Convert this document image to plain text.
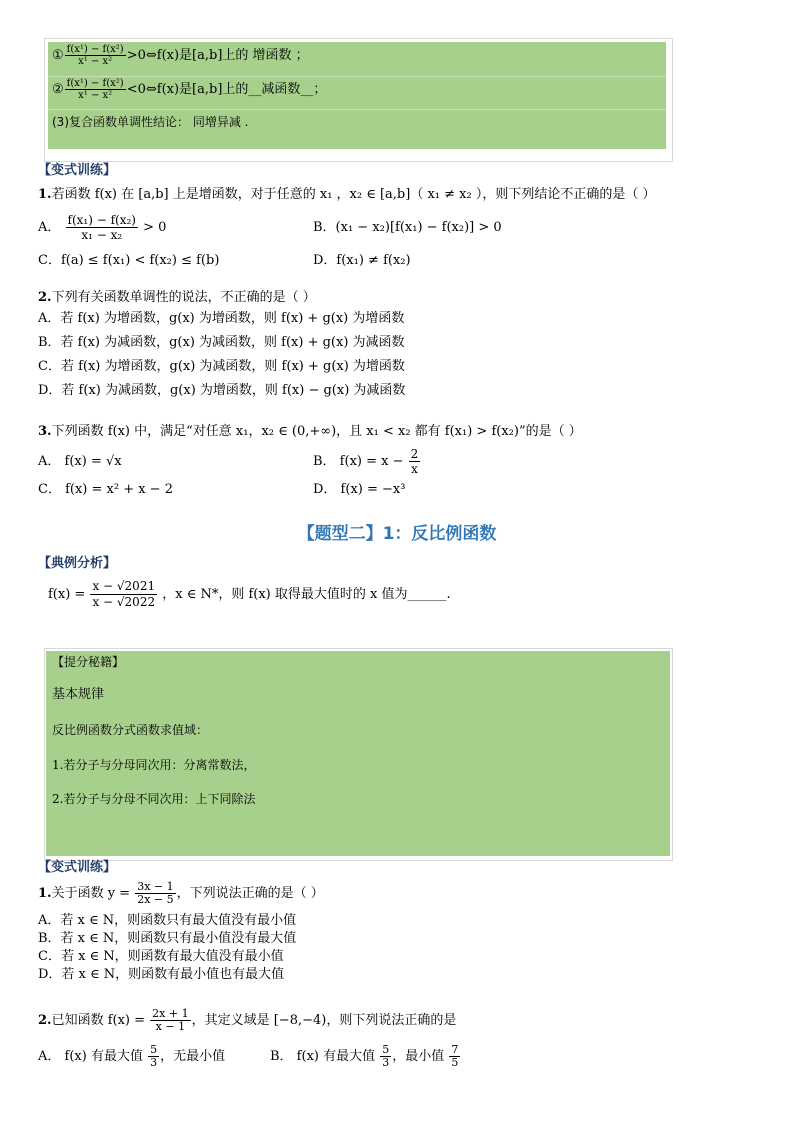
① $\frac{\text{f(x¹) − f(x²)}}{\text{x¹ − x²}}$ >0⇔f(x)是[a,b]上的 增函数 ；
② $\frac{\text{f(x¹) − f(x²)}}{\text{x¹ − x²}}$ <0⇔f(x)是[a,b]上的__减函数__；
(3)复合函数单调性结论： 同增异减 .
【变式训练】
1.若函数 f(x) 在 [a,b] 上是增函数，对于任意的 x₁ ，x₂ ∈ [a,b]（ x₁ ≠ x₂ ），则下列结论不正确的是（ ）
A． $\frac{\text{f(x₁) − f(x₂)}}{\text{x₁ − x₂}} > 0$	B．(x₁ − x₂)[f(x₁) − f(x₂)] > 0
C．f(a) ≤ f(x₁) < f(x₂) ≤ f(b)	D．f(x₁) ≠ f(x₂)
2.下列有关函数单调性的说法，不正确的是（ ）
A．若 f(x) 为增函数，g(x) 为增函数，则 f(x) + g(x) 为增函数
B．若 f(x) 为减函数，g(x) 为减函数，则 f(x) + g(x) 为减函数
C．若 f(x) 为增函数，g(x) 为减函数，则 f(x) + g(x) 为增函数
D．若 f(x) 为减函数，g(x) 为增函数，则 f(x) − g(x) 为减函数
3.下列函数 f(x) 中，满足“对任意 x₁，x₂ ∈ (0,+∞)，且 x₁ < x₂ 都有 f(x₁) > f(x₂)”的是（ ）
A． f(x) = √x	B． $f(x) = x - \frac{2}{x}$
C． f(x) = x² + x − 2	D． f(x) = −x³
【题型二】1：反比例函数
【典例分析】
$f(x) = \frac{x - √2021}{x - √2022}$ ，x ∈ N*，则 f(x) 取得最大值时的 x 值为______.
【提分秘籍】
基本规律
反比例函数分式函数求值域：
1.若分子与分母同次用：分离常数法，
2.若分子与分母不同次用：上下同除法
【变式训练】
1.关于函数 $y = \frac{3x - 1}{2x - 5}$ ，下列说法正确的是（ ）
A．若 x ∈ N，则函数只有最大值没有最小值
B．若 x ∈ N，则函数只有最小值没有最大值
C．若 x ∈ N，则函数有最大值没有最小值
D．若 x ∈ N，则函数有最小值也有最大值
2.已知函数 $f(x) = \frac{2x + 1}{x - 1}$ ，其定义域是 [−8,−4)，则下列说法正确的是
A． f(x) 有最大值 $\frac{5}{3}$ ，无最小值	B． f(x) 有最大值 $\frac{5}{3}$ ，最小值 $\frac{7}{5}$
